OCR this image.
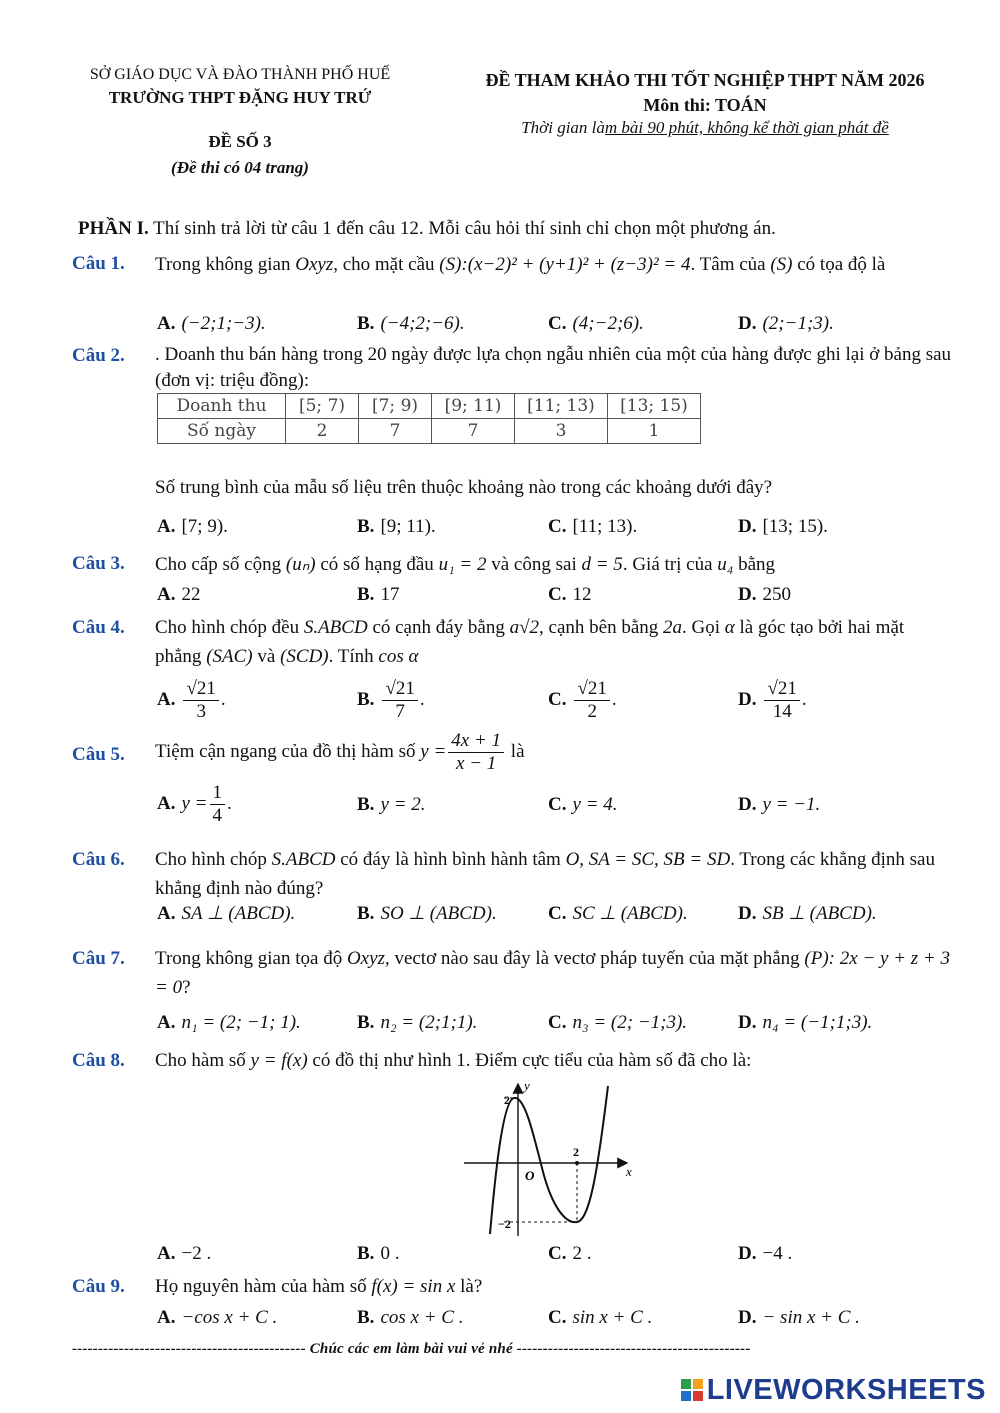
SỞ GIÁO DỤC VÀ ĐÀO THÀNH PHỐ HUẾ
TRƯỜNG THPT ĐẶNG HUY TRỨ
ĐỀ SỐ 3
(Đề thi có 04 trang)
ĐỀ THAM KHẢO THI TỐT NGHIỆP THPT NĂM 2026
Môn thi: TOÁN
Thời gian làm bài 90 phút, không kể thời gian phát đề
PHẦN I. Thí sinh trả lời từ câu 1 đến câu 12. Mỗi câu hỏi thí sinh chỉ chọn một phương án.
Câu 1. Trong không gian Oxyz, cho mặt cầu (S):(x−2)² + (y+1)² + (z−3)² = 4. Tâm của (S) có tọa độ là
A. (−2;1;−3).	B. (−4;2;−6).	C. (4;−2;6).	D. (2;−1;3).
Câu 2. . Doanh thu bán hàng trong 20 ngày được lựa chọn ngẫu nhiên của một của hàng được ghi lại ở bảng sau (đơn vị: triệu đồng):
Doanh thu	[5; 7)	[7; 9)	[9; 11)	[11; 13)	[13; 15)
Số ngày	2	7	7	3	1
Số trung bình của mẫu số liệu trên thuộc khoảng nào trong các khoảng dưới đây?
A. [7; 9).	B. [9; 11).	C. [11; 13).	D. [13; 15).
Câu 3. Cho cấp số cộng (uₙ) có số hạng đầu u₁ = 2 và công sai d = 5. Giá trị của u₄ bằng
A. 22	B. 17	C. 12	D. 250
Câu 4. Cho hình chóp đều S.ABCD có cạnh đáy bằng a√2, cạnh bên bằng 2a. Gọi α là góc tạo bởi hai mặt phẳng (SAC) và (SCD). Tính cos α
A. $\frac{√21}{3}$ .	B. $\frac{√21}{7}$ .	C. $\frac{√21}{2}$ .	D. $\frac{√21}{14}$ .
Câu 5. Tiệm cận ngang của đồ thị hàm số $y = \frac{4x + 1}{x - 1}$ là
A. $y = \frac{1}{4}$ .	B. y = 2.	C. y = 4.	D. y = −1.
Câu 6. Cho hình chóp S.ABCD có đáy là hình bình hành tâm O, SA = SC, SB = SD. Trong các khẳng định sau khẳng định nào đúng?
A. SA ⊥ (ABCD).	B. SO ⊥ (ABCD).	C. SC ⊥ (ABCD).	D. SB ⊥ (ABCD).
Câu 7. Trong không gian tọa độ Oxyz, vectơ nào sau đây là vectơ pháp tuyến của mặt phẳng (P): 2x − y + z + 3 = 0?
A. n₁ = (2; −1; 1).	B. n₂ = (2;1;1).	C. n₃ = (2; −1;3).	D. n₄ = (−1;1;3).
Câu 8. Cho hàm số y = f(x) có đồ thị như hình 1. Điểm cực tiểu của hàm số đã cho là:
y
x
O
2
−2
2
A. −2 .	B. 0 .	C. 2 .	D. −4 .
Câu 9. Họ nguyên hàm của hàm số f(x) = sin x là?
A. −cos x + C .	B. cos x + C .	C. sin x + C .	D. − sin x + C .
--------------------------------------------- Chúc các em làm bài vui vẻ nhé ---------------------------------------------
LIVEWORKSHEETS
